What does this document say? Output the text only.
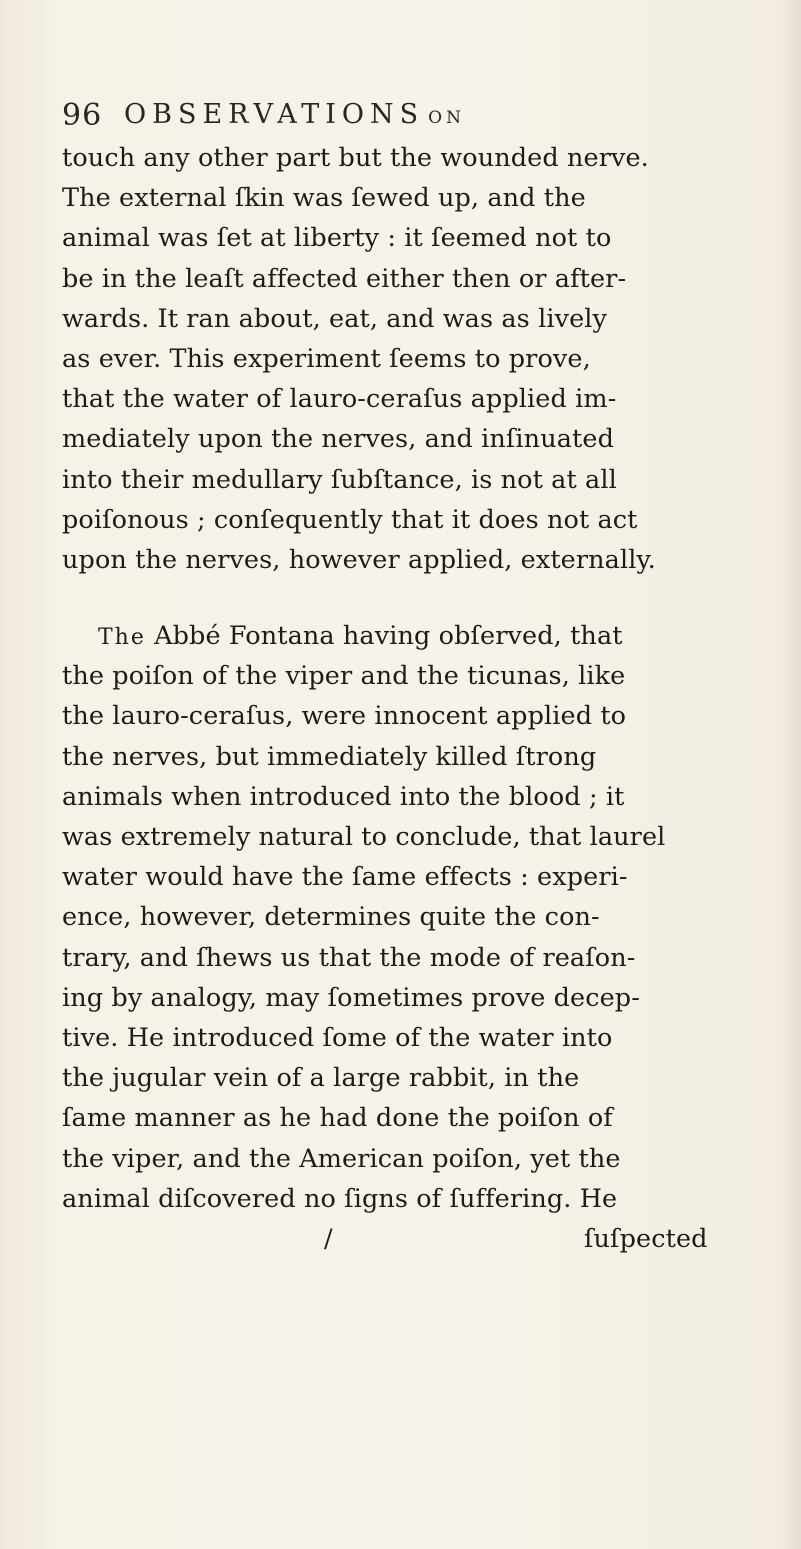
96 OBSERVATIONS ON
touch any other part but the wounded nerve.
The external ſkin was ſewed up, and the
animal was ſet at liberty : it ſeemed not to
be in the leaſt affected either then or after-
wards. It ran about, eat, and was as lively
as ever. This experiment ſeems to prove,
that the water of lauro-ceraſus applied im-
mediately upon the nerves, and inſinuated
into their medullary ſubſtance, is not at all
poiſonous ; conſequently that it does not act
upon the nerves, however applied, externally.
The Abbé Fontana having obſerved, that
the poiſon of the viper and the ticunas, like
the lauro-ceraſus, were innocent applied to
the nerves, but immediately killed ſtrong
animals when introduced into the blood ; it
was extremely natural to conclude, that laurel
water would have the ſame effects : experi-
ence, however, determines quite the con-
trary, and ſhews us that the mode of reaſon-
ing by analogy, may ſometimes prove decep-
tive. He introduced ſome of the water into
the jugular vein of a large rabbit, in the
ſame manner as he had done the poiſon of
the viper, and the American poiſon, yet the
animal diſcovered no ſigns of ſuffering. He
/	ſuſpected
